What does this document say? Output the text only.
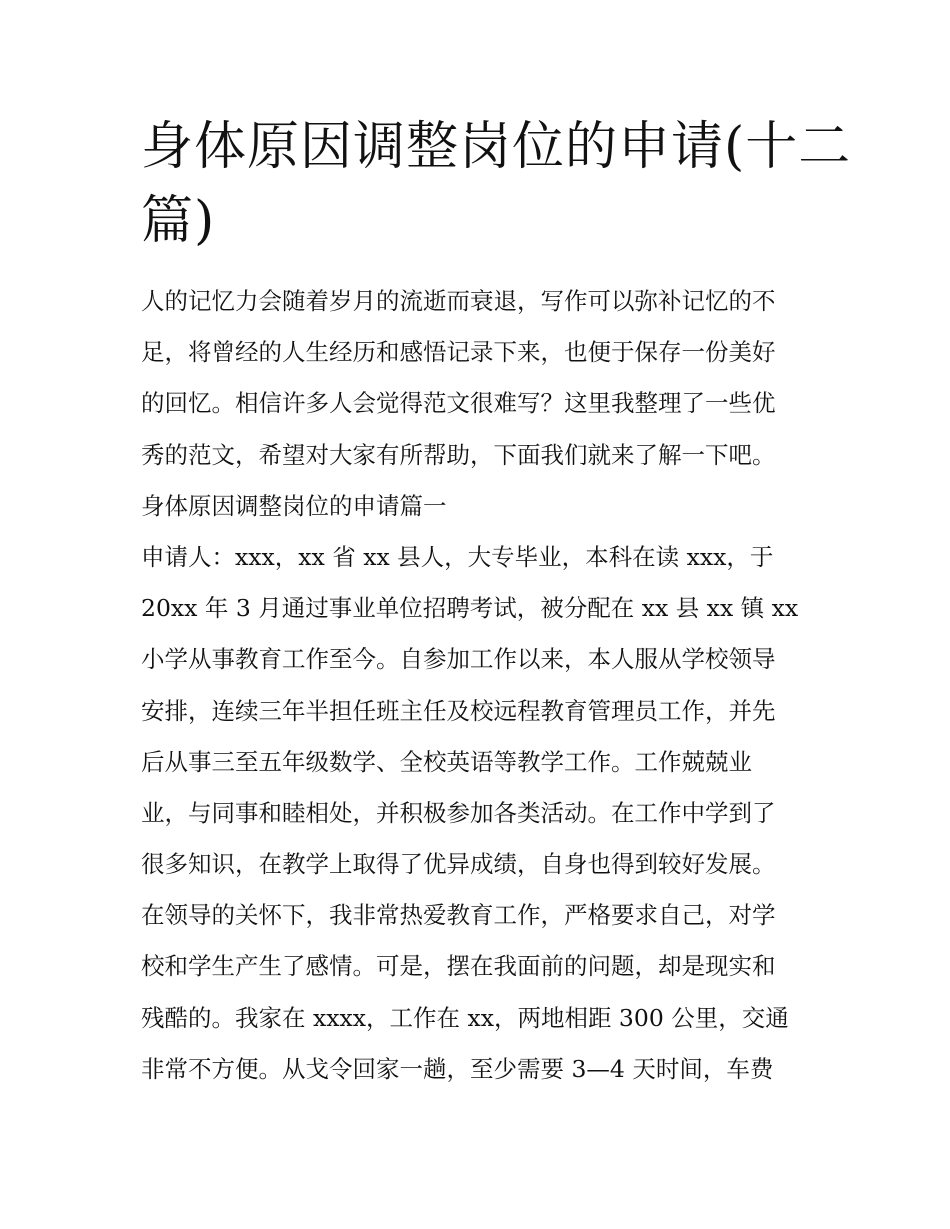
身体原因调整岗位的申请(十二
篇)
人的记忆力会随着岁月的流逝而衰退，写作可以弥补记忆的不
足，将曾经的人生经历和感悟记录下来，也便于保存一份美好
的回忆。相信许多人会觉得范文很难写？这里我整理了一些优
秀的范文，希望对大家有所帮助，下面我们就来了解一下吧。
身体原因调整岗位的申请篇一
申请人：xxx，xx 省 xx 县人，大专毕业，本科在读 xxx，于
20xx 年 3 月通过事业单位招聘考试，被分配在 xx 县 xx 镇 xx
小学从事教育工作至今。自参加工作以来，本人服从学校领导
安排，连续三年半担任班主任及校远程教育管理员工作，并先
后从事三至五年级数学、全校英语等教学工作。工作兢兢业
业，与同事和睦相处，并积极参加各类活动。在工作中学到了
很多知识，在教学上取得了优异成绩，自身也得到较好发展。
在领导的关怀下，我非常热爱教育工作，严格要求自己，对学
校和学生产生了感情。可是，摆在我面前的问题，却是现实和
残酷的。我家在 xxxx，工作在 xx，两地相距 300 公里，交通
非常不方便。从戈令回家一趟，至少需要 3—4 天时间，车费
